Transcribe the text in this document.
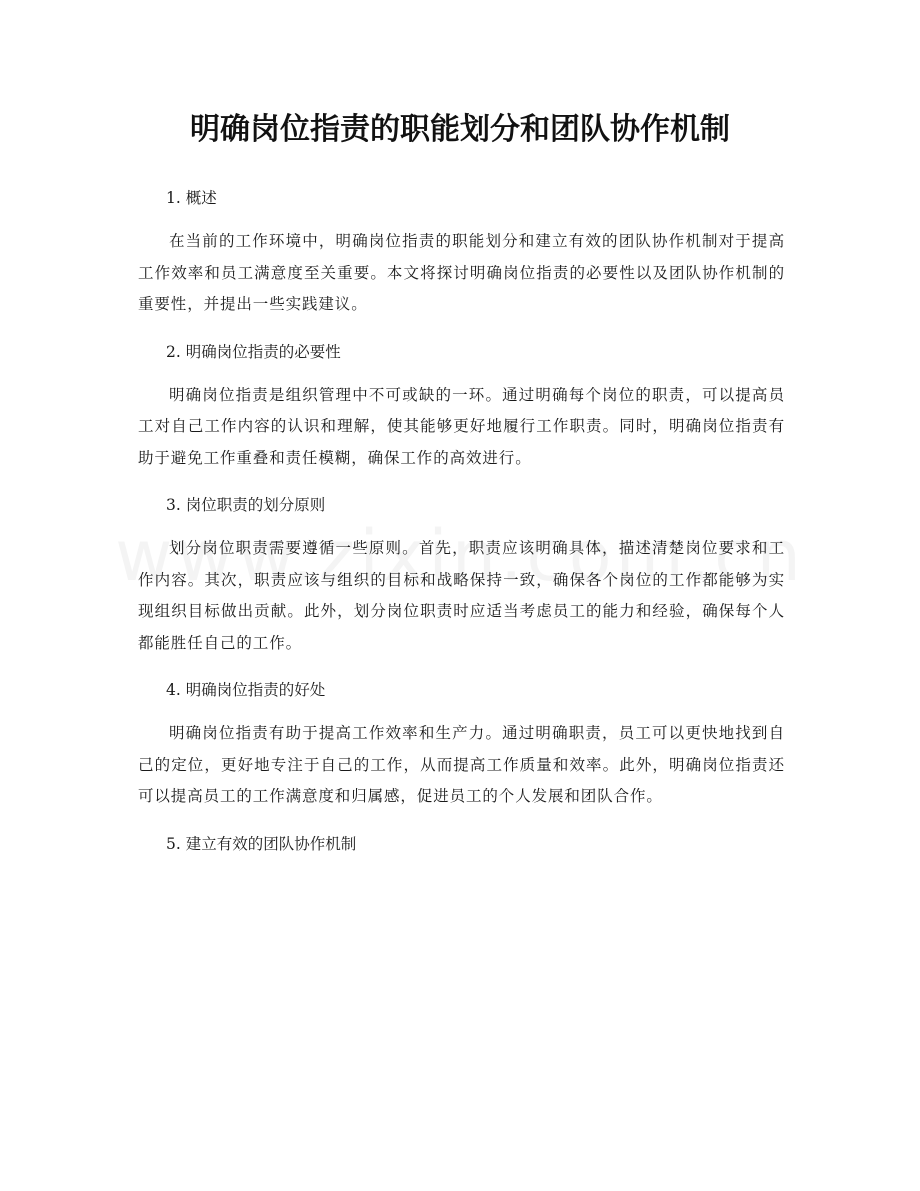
明确岗位指责的职能划分和团队协作机制

1. 概述

在当前的工作环境中，明确岗位指责的职能划分和建立有效的团队协作机制对于提高工作效率和员工满意度至关重要。本文将探讨明确岗位指责的必要性以及团队协作机制的重要性，并提出一些实践建议。

2. 明确岗位指责的必要性

明确岗位指责是组织管理中不可或缺的一环。通过明确每个岗位的职责，可以提高员工对自己工作内容的认识和理解，使其能够更好地履行工作职责。同时，明确岗位指责有助于避免工作重叠和责任模糊，确保工作的高效进行。

3. 岗位职责的划分原则

划分岗位职责需要遵循一些原则。首先，职责应该明确具体，描述清楚岗位要求和工作内容。其次，职责应该与组织的目标和战略保持一致，确保各个岗位的工作都能够为实现组织目标做出贡献。此外，划分岗位职责时应适当考虑员工的能力和经验，确保每个人都能胜任自己的工作。

4. 明确岗位指责的好处

明确岗位指责有助于提高工作效率和生产力。通过明确职责，员工可以更快地找到自己的定位，更好地专注于自己的工作，从而提高工作质量和效率。此外，明确岗位指责还可以提高员工的工作满意度和归属感，促进员工的个人发展和团队合作。

5. 建立有效的团队协作机制
